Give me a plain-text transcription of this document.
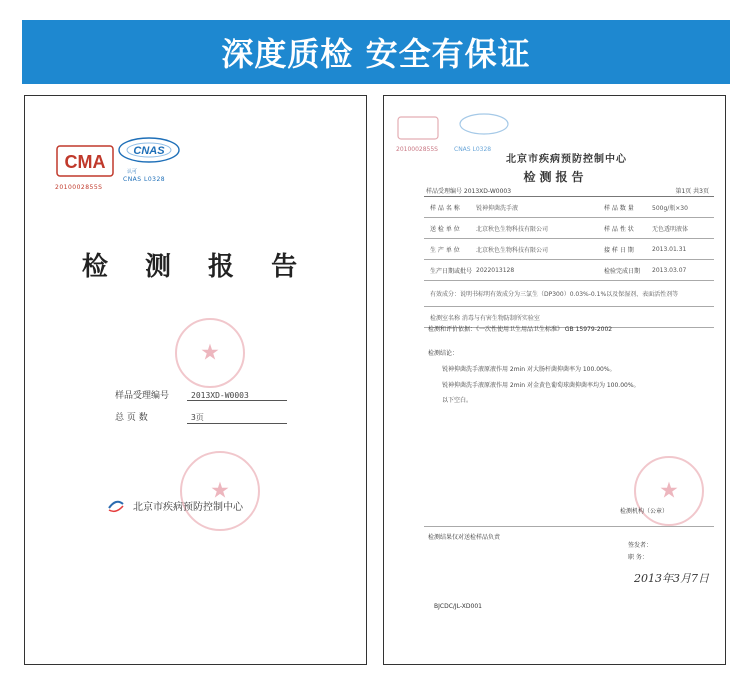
深度质检 安全有保证
CMA
2010002855S
CNAS
认可
CNAS L0328
检 测 报 告
★
样品受理编号	2013XD-W0003
总 页 数	3页
★
北京市疾病预防控制中心
2010002855S	CNAS L0328
北京市疾病预防控制中心
检测报告
样品受理编号 2013XD-W0003	第1页 共3页
样 品 名 称	锐神抑菌洗手液	样 品 数 量	500g/瓶×30
送 检 单 位	北京秋色生物科技有限公司	样 品 性 状	无色透明液体
生 产 单 位	北京秋色生物科技有限公司	接 样 日 期	2013.01.31
生产日期或批号 2022013128	检验完成日期	2013.03.07
有效成分：说明书标明有效成分为三氯生（DP300）0.03%-0.1%以及保湿剂、表面活性剂等
检测室名称 消毒与有害生物防制所实验室
检测和评价依据：《一次性使用卫生用品卫生标准》 GB 15979-2002
检测结论：
锐神抑菌洗手液原液作用 2min 对大肠杆菌抑菌率为 100.00%。
锐神抑菌洗手液原液作用 2min 对金黄色葡萄球菌抑菌率均为 100.00%。
以下空白。
★
检测机构（公章）
检测结果仅对送检样品负责
签发者：
职 务：
2013年3月7日
BJCDC/JL-XD001
